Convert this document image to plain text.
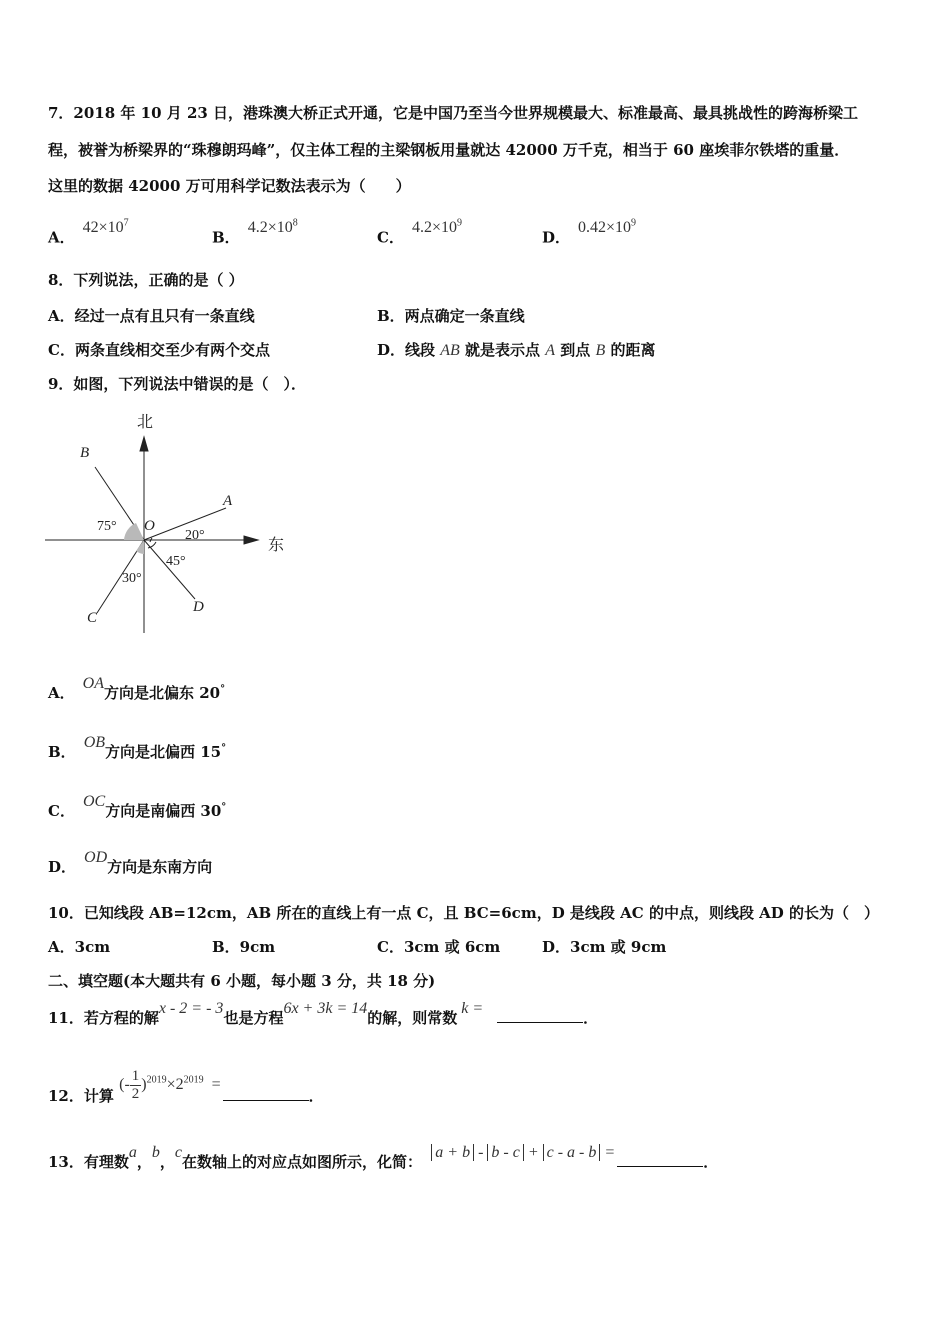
7．2018 年 10 月 23 日，港珠澳大桥正式开通，它是中国乃至当今世界规模最大、标准最高、最具挑战性的跨海桥梁工
程，被誉为桥梁界的“珠穆朗玛峰”，仅主体工程的主梁钢板用量就达 42000 万千克，相当于 60 座埃菲尔铁塔的重量．
这里的数据 42000 万可用科学记数法表示为（　　）
A．$42\times 10^7$
B．$4.2\times 10^8$
C．$4.2\times 10^9$
D．$0.42\times 10^9$
8．下列说法，正确的是（ ）
A．经过一点有且只有一条直线	B．两点确定一条直线
C．两条直线相交至少有两个交点	D．线段 AB 就是表示点 A 到点 B 的距离
9．如图，下列说法中错误的是（　）．
北
东
O
A
B
C
D
75°
20°
45°
30°
A．OA方向是北偏东 20°
B．OB方向是北偏西 15°
C．OC方向是南偏西 30°
D．OD方向是东南方向
10．已知线段 AB=12cm，AB 所在的直线上有一点 C，且 BC=6cm，D 是线段 AC 的中点，则线段 AD 的长为（　）
A．3cm	B．9cm	C．3cm 或 6cm	D．3cm 或 9cm
二、填空题(本大题共有 6 小题，每小题 3 分，共 18 分)
11．若方程的解x - 2 = - 3也是方程6x + 3k = 14的解，则常数k =．
12．计算 (- $\frac{1}{2} )^{2019}\times 2^{2019}$ =．
13．有理数a，b，c在数轴上的对应点如图所示，化简： a + b - b - c + c - a - b =．
